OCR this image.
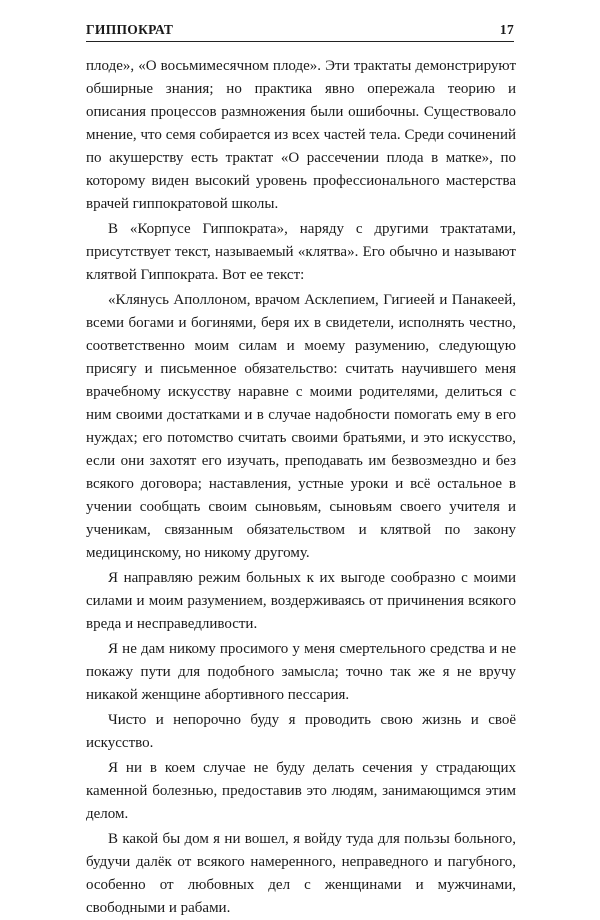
ГИППОКРАТ	17

плоде», «О восьмимесячном плоде». Эти трактаты демонстрируют обширные знания; но практика явно опережала теорию и описания процессов размножения были ошибочны. Существовало мнение, что семя собирается из всех частей тела. Среди сочинений по акушерству есть трактат «О рассечении плода в матке», по которому виден высокий уровень профессионального мастерства врачей гиппократовой школы.

В «Корпусе Гиппократа», наряду с другими трактатами, присутствует текст, называемый «клятва». Его обычно и называют клятвой Гиппократа. Вот ее текст:

«Клянусь Аполлоном, врачом Асклепием, Гигиеей и Панакеей, всеми богами и богинями, беря их в свидетели, исполнять честно, соответственно моим силам и моему разумению, следующую присягу и письменное обязательство: считать научившего меня врачебному искусству наравне с моими родителями, делиться с ним своими достатками и в случае надобности помогать ему в его нуждах; его потомство считать своими братьями, и это искусство, если они захотят его изучать, преподавать им безвозмездно и без всякого договора; наставления, устные уроки и всё остальное в учении сообщать своим сыновьям, сыновьям своего учителя и ученикам, связанным обязательством и клятвой по закону медицинскому, но никому другому.

Я направляю режим больных к их выгоде сообразно с моими силами и моим разумением, воздерживаясь от причинения всякого вреда и несправедливости.

Я не дам никому просимого у меня смертельного средства и не покажу пути для подобного замысла; точно так же я не вручу никакой женщине абортивного пессария.

Чисто и непорочно буду я проводить свою жизнь и своё искусство.

Я ни в коем случае не буду делать сечения у страдающих каменной болезнью, предоставив это людям, занимающимся этим делом.

В какой бы дом я ни вошел, я войду туда для пользы больного, будучи далёк от всякого намеренного, неправедного и пагубного, особенно от любовных дел с женщинами и мужчинами, свободными и рабами.
